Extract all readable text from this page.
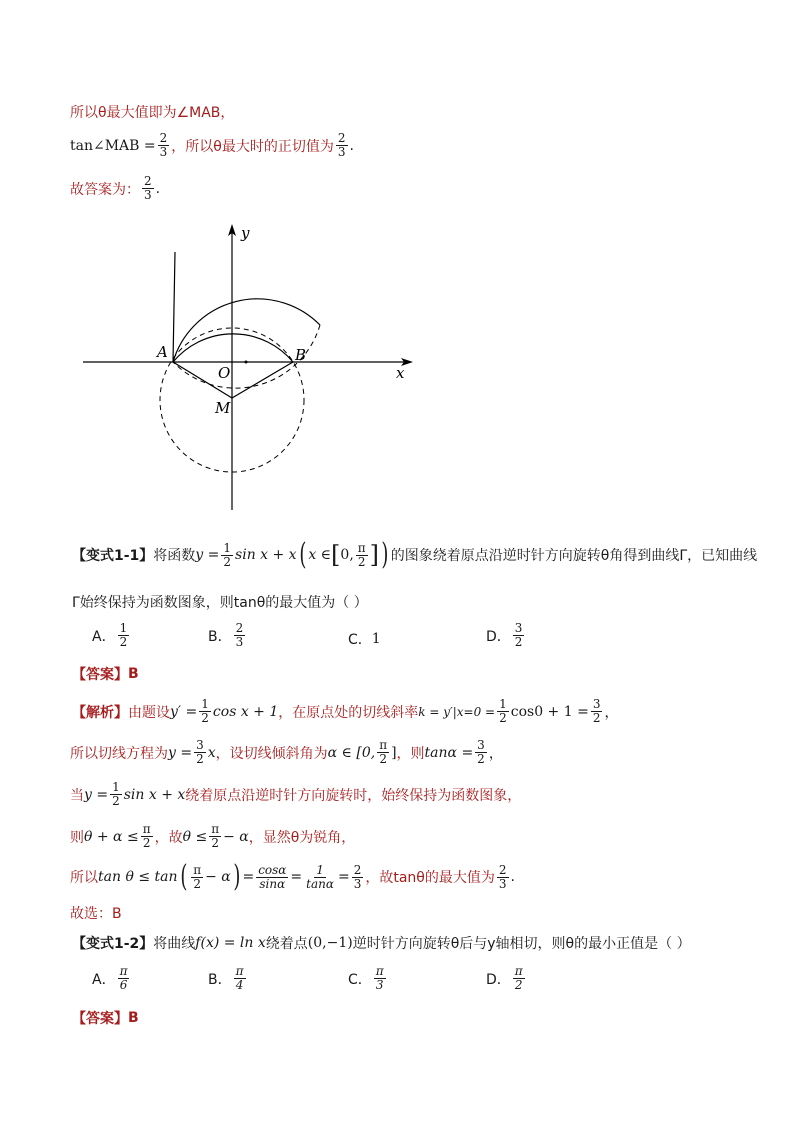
所以θ最大值即为∠MAB，
tan∠MAB = $\frac{2}{3}$ ，所以θ最大时的正切值为 $\frac{2}{3}$ .
故答案为： $\frac{2}{3}$ .
y
x
A	B
O
M
【变式1-1】 将函数 $y = \frac{1}{2}$ sin x + x ( x ∈ [ 0, $\frac{\pi}{2}$ ] ) 的图象绕着原点沿逆时针方向旋转θ角得到曲线Γ，已知曲线
Γ始终保持为函数图象，则tanθ的最大值为（ ）
A． $\frac{1}{2}$	B． $\frac{2}{3}$	C． 1	D． $\frac{3}{2}$
【答案】 B
【解析】 由题设 $y' = \frac{1}{2}$ cos x + 1 ，在原点处的切线斜率 $k = y'|x=0 = \frac{1}{2} \cos 0 + 1 = \frac{3}{2}$ ，
所以切线方程为 $y = \frac{3}{2}$ x ，设切线倾斜角为 α ∈ [0, $\frac{\pi}{2}$ ] ，则 $\tan\alpha = \frac{3}{2}$ ，
当 $y = \frac{1}{2}$ sin x + x 绕着原点沿逆时针方向旋转时，始终保持为函数图象，
则 $\theta + \alpha \le \frac{\pi}{2}$ ，故 $\theta \le \frac{\pi}{2} - \alpha$ ，显然θ为锐角，
所以 tan θ ≤ tan ( $\frac{\pi}{2} - \alpha$ ) = $\frac{\cos\alpha}{\sin\alpha} = \frac{1}{\tan\alpha} = \frac{2}{3}$ ，故tanθ的最大值为 $\frac{2}{3}$ .
故选：B
【变式1-2】 将曲线 f(x) = ln x 绕着点 (0,−1) 逆时针方向旋转θ后与y轴相切，则θ的最小正值是（ ）
A． $\frac{\pi}{6}$	B． $\frac{\pi}{4}$	C． $\frac{\pi}{3}$	D． $\frac{\pi}{2}$
【答案】 B
